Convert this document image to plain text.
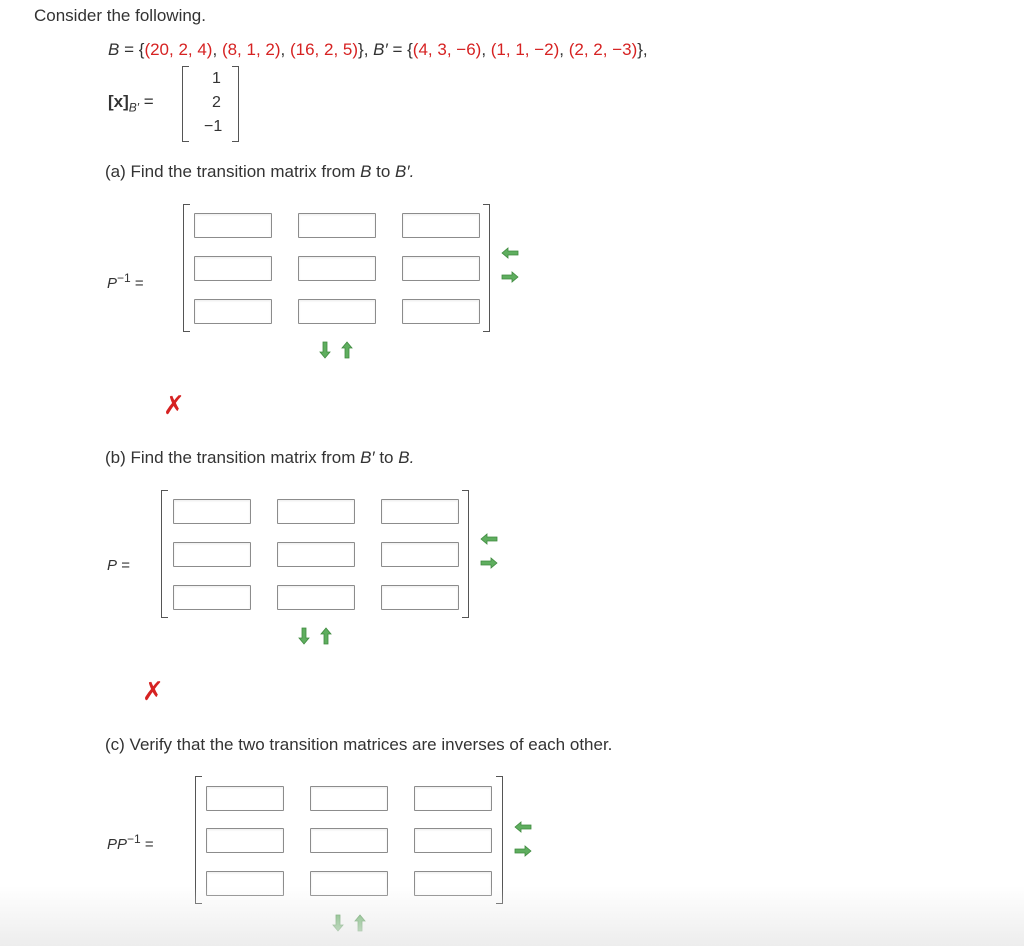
Consider the following.
B = {(20, 2, 4), (8, 1, 2), (16, 2, 5)}, B′ = {(4, 3, −6), (1, 1, −2), (2, 2, −3)},
$[x]_{B'}$ =
1
2
−1
(a) Find the transition matrix from B to B′.
$P^{-1}$ =
✗
(b) Find the transition matrix from B′ to B.
P =
✗
(c) Verify that the two transition matrices are inverses of each other.
$PP^{-1}$ =
